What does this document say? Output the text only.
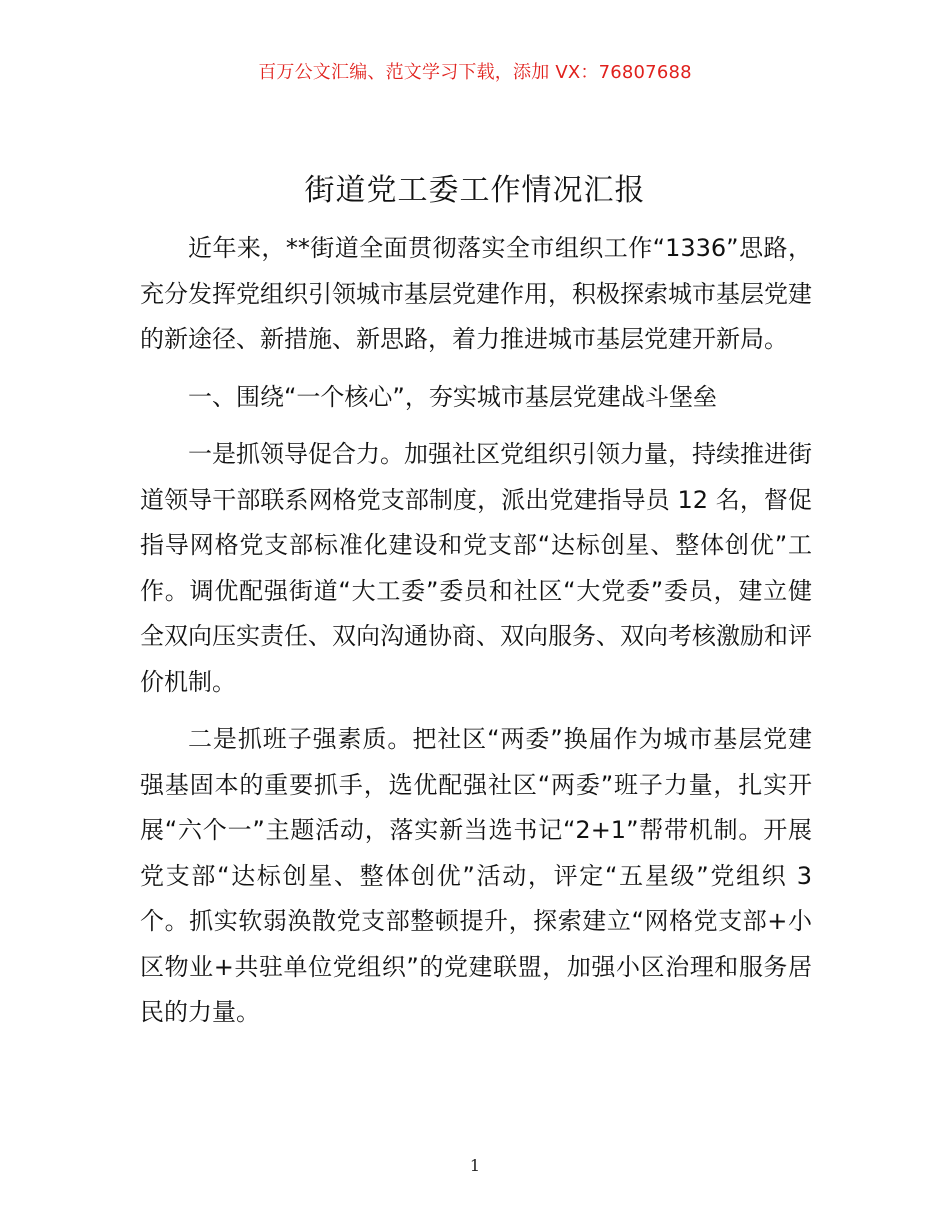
百万公文汇编、范文学习下载，添加 VX：76807688
街道党工委工作情况汇报

近年来，**街道全面贯彻落实全市组织工作“1336”思路，充分发挥党组织引领城市基层党建作用，积极探索城市基层党建的新途径、新措施、新思路，着力推进城市基层党建开新局。

一、围绕“一个核心”，夯实城市基层党建战斗堡垒

一是抓领导促合力。加强社区党组织引领力量，持续推进街道领导干部联系网格党支部制度，派出党建指导员 12 名，督促指导网格党支部标准化建设和党支部“达标创星、整体创优”工作。调优配强街道“大工委”委员和社区“大党委”委员，建立健全双向压实责任、双向沟通协商、双向服务、双向考核激励和评价机制。

二是抓班子强素质。把社区“两委”换届作为城市基层党建强基固本的重要抓手，选优配强社区“两委”班子力量，扎实开展“六个一”主题活动，落实新当选书记“2+1”帮带机制。开展党支部“达标创星、整体创优”活动，评定“五星级”党组织 3 个。抓实软弱涣散党支部整顿提升，探索建立“网格党支部+小区物业+共驻单位党组织”的党建联盟，加强小区治理和服务居民的力量。

1
